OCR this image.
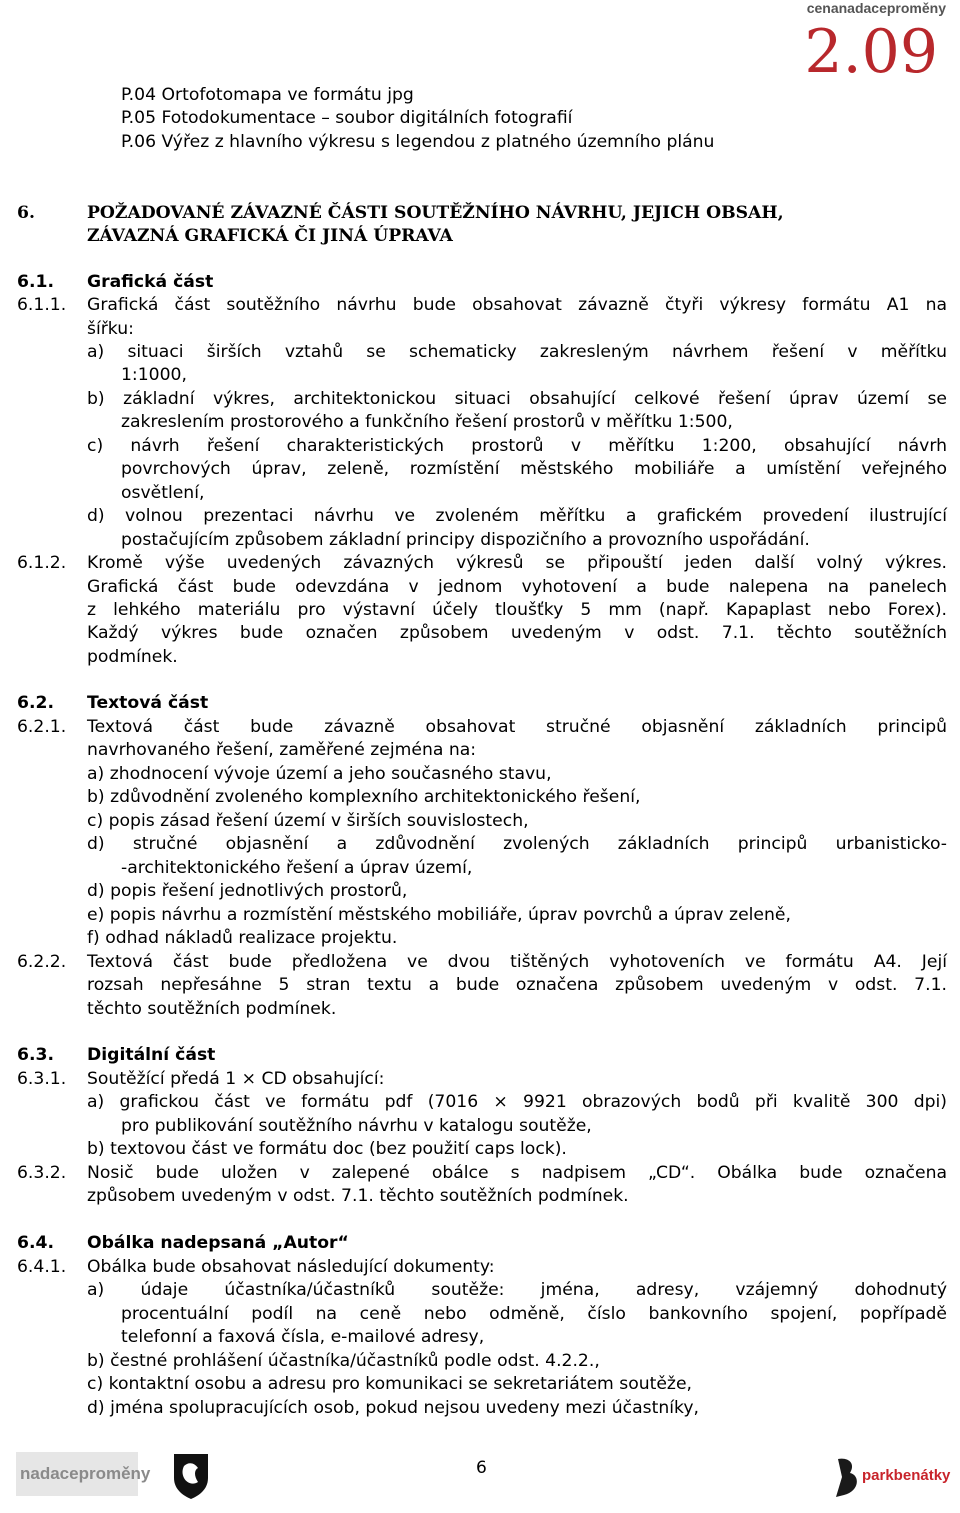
cenanadaceproměny
2.09
P.04 Ortofotomapa ve formátu jpg
P.05 Fotodokumentace – soubor digitálních fotografií
P.06 Výřez z hlavního výkresu s legendou z platného územního plánu
6.	POŽADOVANÉ ZÁVAZNÉ ČÁSTI SOUTĚŽNÍHO NÁVRHU, JEJICH OBSAH,
ZÁVAZNÁ GRAFICKÁ ČI JINÁ ÚPRAVA
6.1. Grafická část
6.1.1. Grafická část soutěžního návrhu bude obsahovat závazně čtyři výkresy formátu A1 na
šířku:
a) situaci širších vztahů se schematicky zakresleným návrhem řešení v měřítku
1:1000,
b) základní výkres, architektonickou situaci obsahující celkové řešení úprav území se
zakreslením prostorového a funkčního řešení prostorů v měřítku 1:500,
c) návrh řešení charakteristických prostorů v měřítku 1:200, obsahující návrh
povrchových úprav, zeleně, rozmístění městského mobiliáře a umístění veřejného
osvětlení,
d) volnou prezentaci návrhu ve zvoleném měřítku a grafickém provedení ilustrující
postačujícím způsobem základní principy dispozičního a provozního uspořádání.
6.1.2. Kromě výše uvedených závazných výkresů se připouští jeden další volný výkres.
Grafická část bude odevzdána v jednom vyhotovení a bude nalepena na panelech
z lehkého materiálu pro výstavní účely tloušťky 5 mm (např. Kapaplast nebo Forex).
Každý výkres bude označen způsobem uvedeným v odst. 7.1. těchto soutěžních
podmínek.
6.2. Textová část
6.2.1. Textová část bude závazně obsahovat stručné objasnění základních principů
navrhovaného řešení, zaměřené zejména na:
a) zhodnocení vývoje území a jeho současného stavu,
b) zdůvodnění zvoleného komplexního architektonického řešení,
c) popis zásad řešení území v širších souvislostech,
d) stručné objasnění a zdůvodnění zvolených základních principů urbanisticko-
-architektonického řešení a úprav území,
d) popis řešení jednotlivých prostorů,
e) popis návrhu a rozmístění městského mobiliáře, úprav povrchů a úprav zeleně,
f) odhad nákladů realizace projektu.
6.2.2. Textová část bude předložena ve dvou tištěných vyhotoveních ve formátu A4. Její
rozsah nepřesáhne 5 stran textu a bude označena způsobem uvedeným v odst. 7.1.
těchto soutěžních podmínek.
6.3. Digitální část
6.3.1. Soutěžící předá 1 × CD obsahující:
a) grafickou část ve formátu pdf (7016 × 9921 obrazových bodů při kvalitě 300 dpi)
pro publikování soutěžního návrhu v katalogu soutěže,
b) textovou část ve formátu doc (bez použití caps lock).
6.3.2. Nosič bude uložen v zalepené obálce s nadpisem „CD“. Obálka bude označena
způsobem uvedeným v odst. 7.1. těchto soutěžních podmínek.
6.4. Obálka nadepsaná „Autor“
6.4.1. Obálka bude obsahovat následující dokumenty:
a) údaje účastníka/účastníků soutěže: jména, adresy, vzájemný dohodnutý
procentuální podíl na ceně nebo odměně, číslo bankovního spojení, popřípadě
telefonní a faxová čísla, e-mailové adresy,
b) čestné prohlášení účastníka/účastníků podle odst. 4.2.2.,
c) kontaktní osobu a adresu pro komunikaci se sekretariátem soutěže,
d) jména spolupracujících osob, pokud nejsou uvedeny mezi účastníky,
nadaceproměny	6	parkbenátky
